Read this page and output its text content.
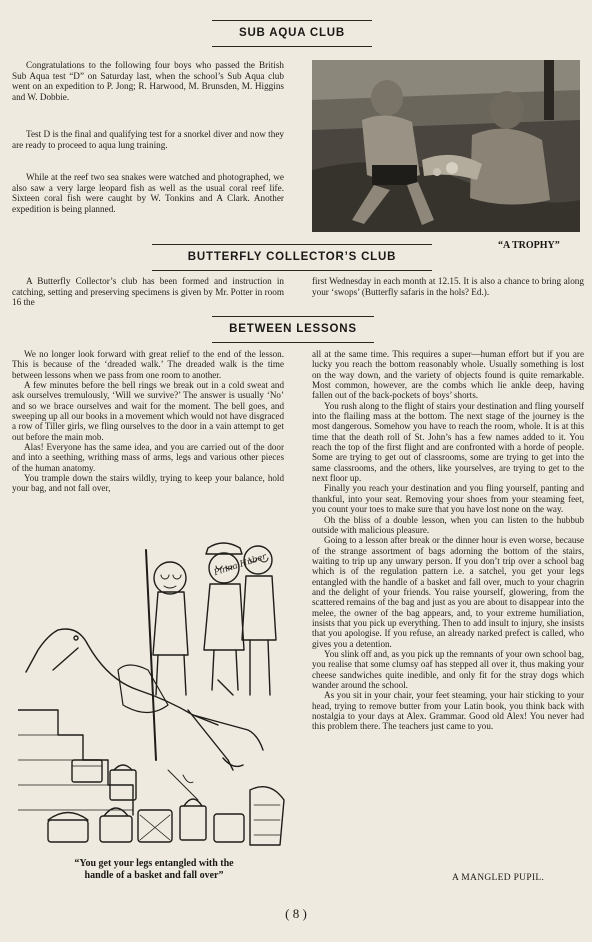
SUB AQUA CLUB

Congratulations to the following four boys who passed the British Sub Aqua test “D” on Saturday last, when the school’s Sub Aqua club went on an expedition to P. Jong; R. Harwood, M. Brunsden, M. Higgins and W. Dobbie.

Test D is the final and qualifying test for a snorkel diver and now they are ready to proceed to aqua lung training.

While at the reef two sea snakes were watched and photographed, we also saw a very large leopard fish as well as the usual coral reef life. Sixteen coral fish were caught by W. Tonkins and A Clark. Another expedition is being planned.

“A TROPHY”
BUTTERFLY COLLECTOR’S CLUB

A Butterfly Collector’s club has been formed and instruction in catching, setting and preserving specimens is given by Mr. Potter in room 16 the

first Wednesday in each month at 12.15. It is also a chance to bring along your ‘swops’ (Butterfly safaris in the hols? Ed.).

BETWEEN LESSONS

We no longer look forward with great relief to the end of the lesson. This is because of the ‘dreaded walk.’ The dreaded walk is the time between lessons when we pass from one room to another.

A few minutes before the bell rings we break out in a cold sweat and ask ourselves tremulously, ‘Will we survive?’ The answer is usually ‘No’ and so we brace ourselves and wait for the moment. The bell goes, and sweeping up all our books in a movement which would not have disgraced a row of Tiller girls, we fling ourselves to the door in a vain attempt to get out before the main mob.

Alas! Everyone has the same idea, and you are carried out of the door and into a seething, writhing mass of arms, legs and various other pieces of the human anatomy.

You trample down the stairs wildly, trying to keep your balance, hold your bag, and not fall over,

all at the same time. This requires a super—human effort but if you are lucky you reach the bottom reasonably whole. Usually something is lost on the way down, and the variety of objects found is quite remarkable. Most common, however, are the combs which lie ankle deep, having fallen out of the back-pockets of boys’ shorts.

You rush along to the flight of stairs your destination and fling yourself into the flailing mass at the bottom. The next stage of the journey is the most dangerous. Somehow you have to reach the room, whole. It is at this time that the death roll of St. John’s has a few names added to it. You reach the top of the first flight and are confronted with a horde of people. Some are trying to get out of classrooms, some are trying to get into the same classrooms, and the others, like yourselves, are trying to get to the next floor up.

Finally you reach your destination and you fling yourself, panting and thankful, into your seat. Removing your shoes from your steaming feet, you count your toes to make sure that you have lost none on the way.

Oh the bliss of a double lesson, when you can listen to the hubbub outside with malicious pleasure.

Going to a lesson after break or the dinner hour is even worse, because of the strange assortment of bags adorning the bottom of the stairs, waiting to trip up any unwary person. If you don’t trip over a school bag which is of the regulation pattern i.e. a satchel, you get your legs entangled with the handle of a basket and fall over, much to your chagrin and the delight of your friends. You raise yourself, glowering, from the scattered remains of the bag and just as you are about to disappear into the melee, the owner of the bag appears, and, to your extreme humiliation, insists that you pick up everything. Then to add insult to injury, she insists that you apologise. If you refuse, an already narked prefect is called, who gives you a detention.

You slink off and, as you pick up the remnants of your own school bag, you realise that some clumsy oaf has stepped all over it, thus making your cheese sandwiches quite inedible, and only fit for the stray dogs which wander around the school.

As you sit in your chair, your feet steaming, your hair sticking to your head, trying to remove butter from your Latin book, you think back with nostalgia to your days at Alex. Grammar. Good old Alex! You never had this problem there. The teachers just came to you.

Pinna Huber
“You get your legs entangled with the
handle of a basket and fall over”	A MANGLED PUPIL.
( 8 )
